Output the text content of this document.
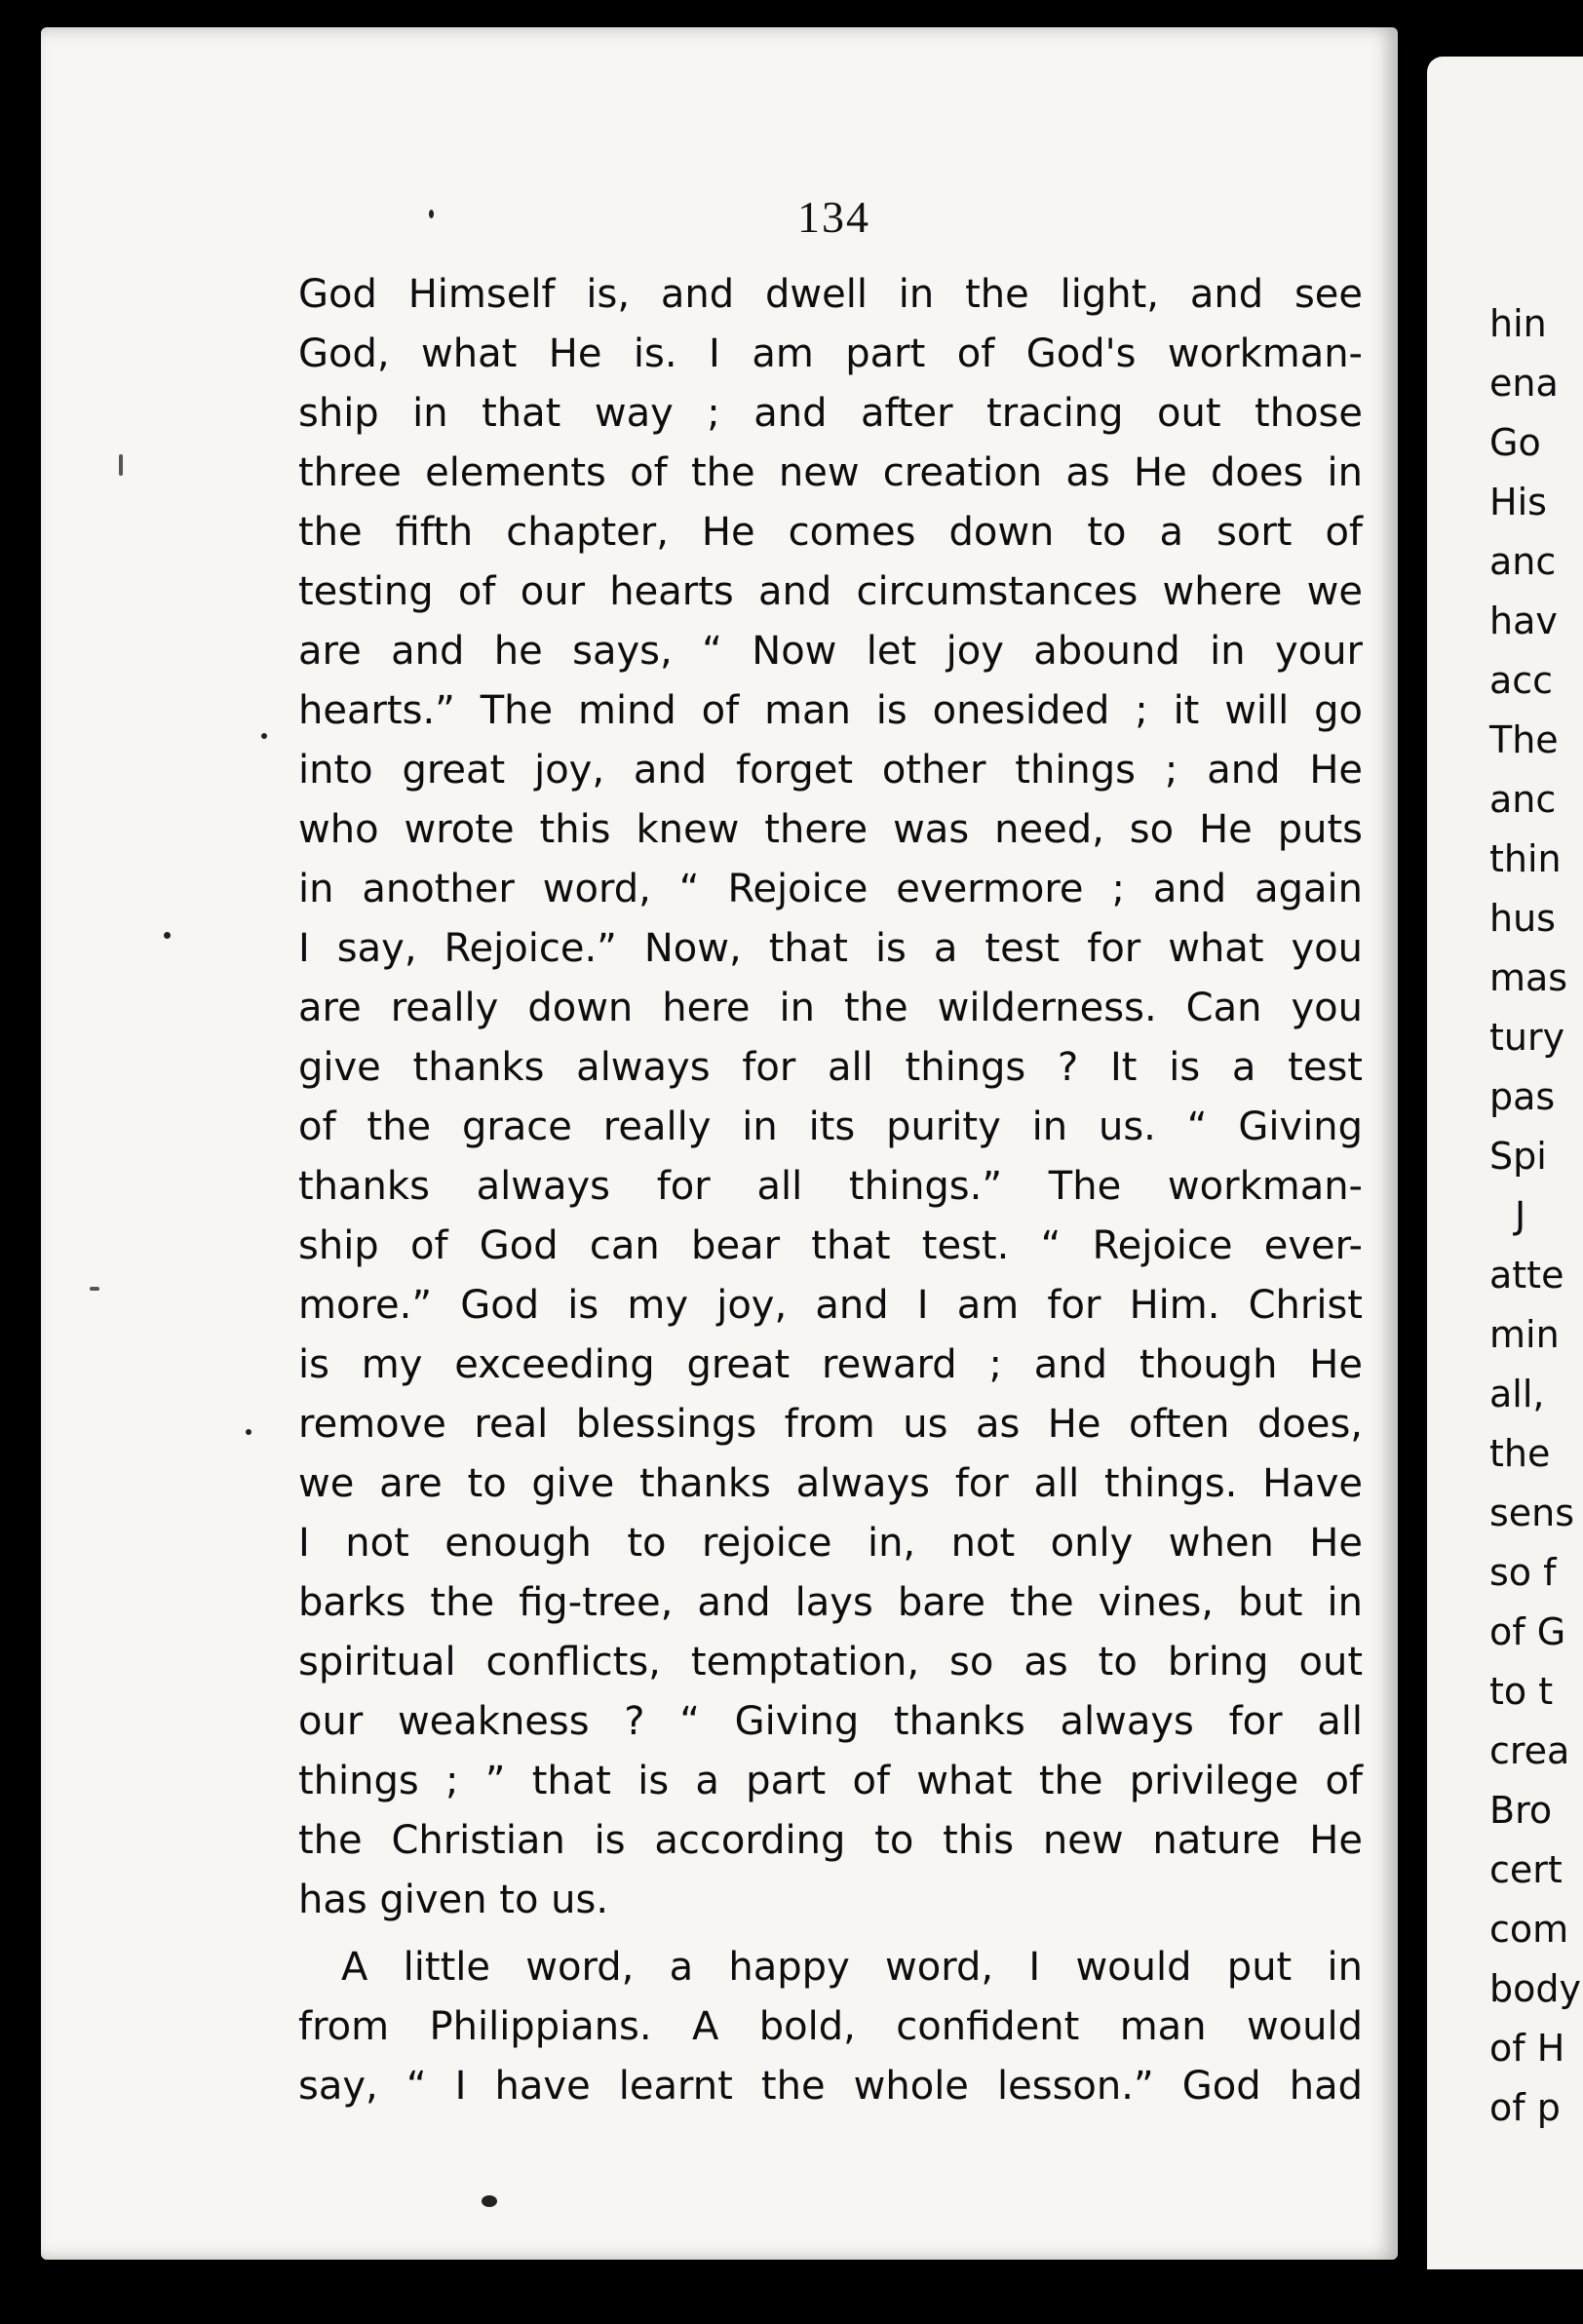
134
God Himself is, and dwell in the light, and see
God, what He is. I am part of God's workman-
ship in that way ; and after tracing out those
three elements of the new creation as He does in
the fifth chapter, He comes down to a sort of
testing of our hearts and circumstances where we
are and he says, “ Now let joy abound in your
hearts.” The mind of man is onesided ; it will go
into great joy, and forget other things ; and He
who wrote this knew there was need, so He puts
in another word, “ Rejoice evermore ; and again
I say, Rejoice.” Now, that is a test for what you
are really down here in the wilderness. Can you
give thanks always for all things ? It is a test
of the grace really in its purity in us. “ Giving
thanks always for all things.” The workman-
ship of God can bear that test. “ Rejoice ever-
more.” God is my joy, and I am for Him. Christ
is my exceeding great reward ; and though He
remove real blessings from us as He often does,
we are to give thanks always for all things. Have
I not enough to rejoice in, not only when He
barks the fig-tree, and lays bare the vines, but in
spiritual conflicts, temptation, so as to bring out
our weakness ? “ Giving thanks always for all
things ; ” that is a part of what the privilege of
the Christian is according to this new nature He
has given to us.
A little word, a happy word, I would put in
from Philippians. A bold, confident man would
say, “ I have learnt the whole lesson.” God had
hin
ena
Go
His
anc
hav
acc
The
anc
thin
hus
mas
tury
pas
Spi
J
atte
min
all,
the
sens
so f
of G
to t
crea
Bro
cert
com
body
of H
of p
